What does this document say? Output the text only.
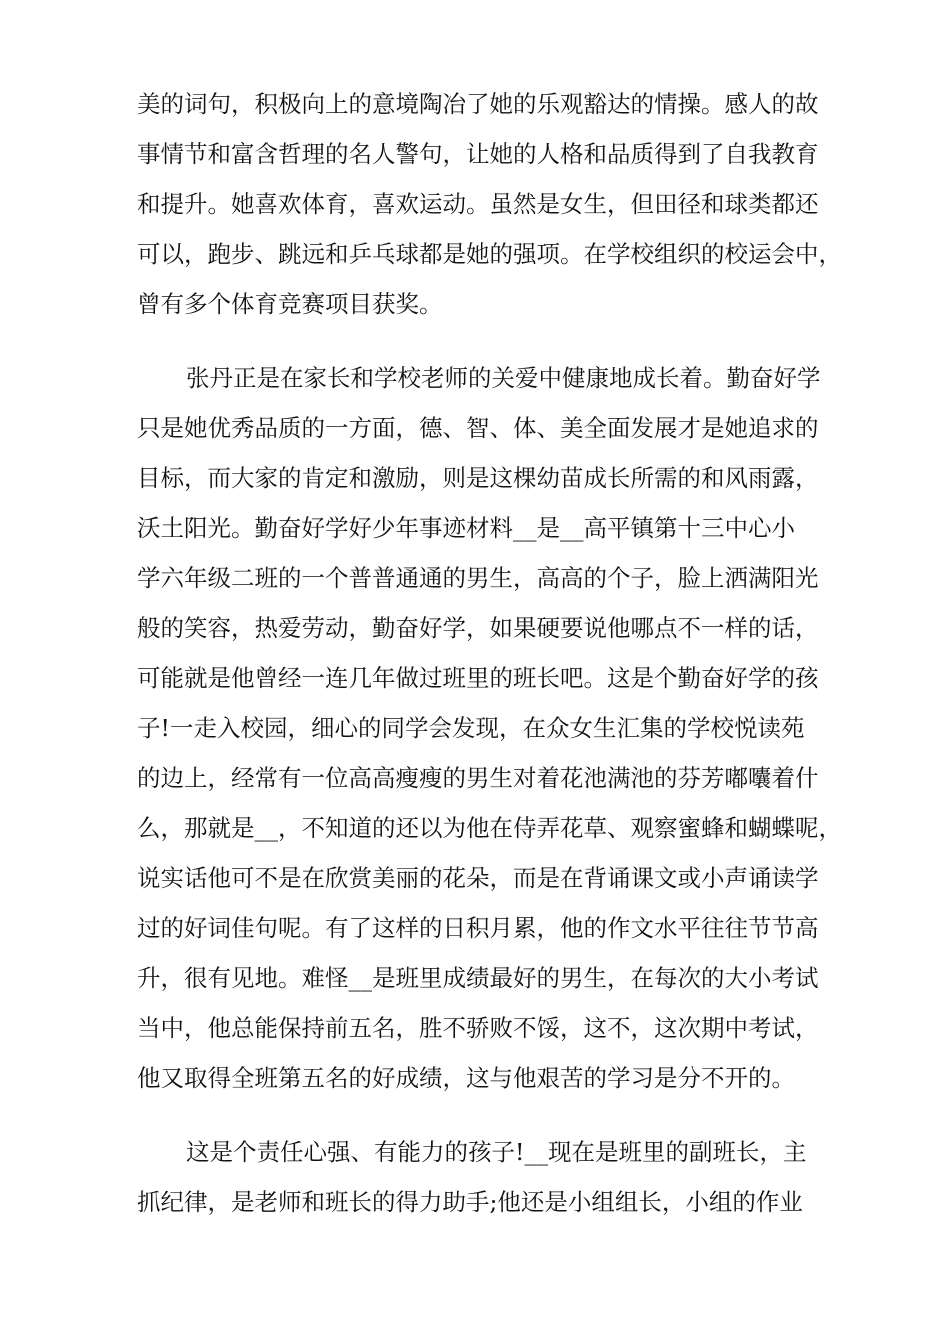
美的词句，积极向上的意境陶冶了她的乐观豁达的情操。感人的故
事情节和富含哲理的名人警句，让她的人格和品质得到了自我教育
和提升。她喜欢体育，喜欢运动。虽然是女生，但田径和球类都还
可以，跑步、跳远和乒乓球都是她的强项。在学校组织的校运会中，
曾有多个体育竞赛项目获奖。
张丹正是在家长和学校老师的关爱中健康地成长着。勤奋好学
只是她优秀品质的一方面，德、智、体、美全面发展才是她追求的
目标，而大家的肯定和激励，则是这棵幼苗成长所需的和风雨露，
沃土阳光。勤奋好学好少年事迹材料__是__高平镇第十三中心小
学六年级二班的一个普普通通的男生，高高的个子，脸上洒满阳光
般的笑容，热爱劳动，勤奋好学，如果硬要说他哪点不一样的话，
可能就是他曾经一连几年做过班里的班长吧。这是个勤奋好学的孩
子!一走入校园，细心的同学会发现，在众女生汇集的学校悦读苑
的边上，经常有一位高高瘦瘦的男生对着花池满池的芬芳嘟囔着什
么，那就是__，不知道的还以为他在侍弄花草、观察蜜蜂和蝴蝶呢，
说实话他可不是在欣赏美丽的花朵，而是在背诵课文或小声诵读学
过的好词佳句呢。有了这样的日积月累，他的作文水平往往节节高
升，很有见地。难怪__是班里成绩最好的男生，在每次的大小考试
当中，他总能保持前五名，胜不骄败不馁，这不，这次期中考试，
他又取得全班第五名的好成绩，这与他艰苦的学习是分不开的。
这是个责任心强、有能力的孩子!__现在是班里的副班长，主
抓纪律，是老师和班长的得力助手;他还是小组组长，小组的作业
